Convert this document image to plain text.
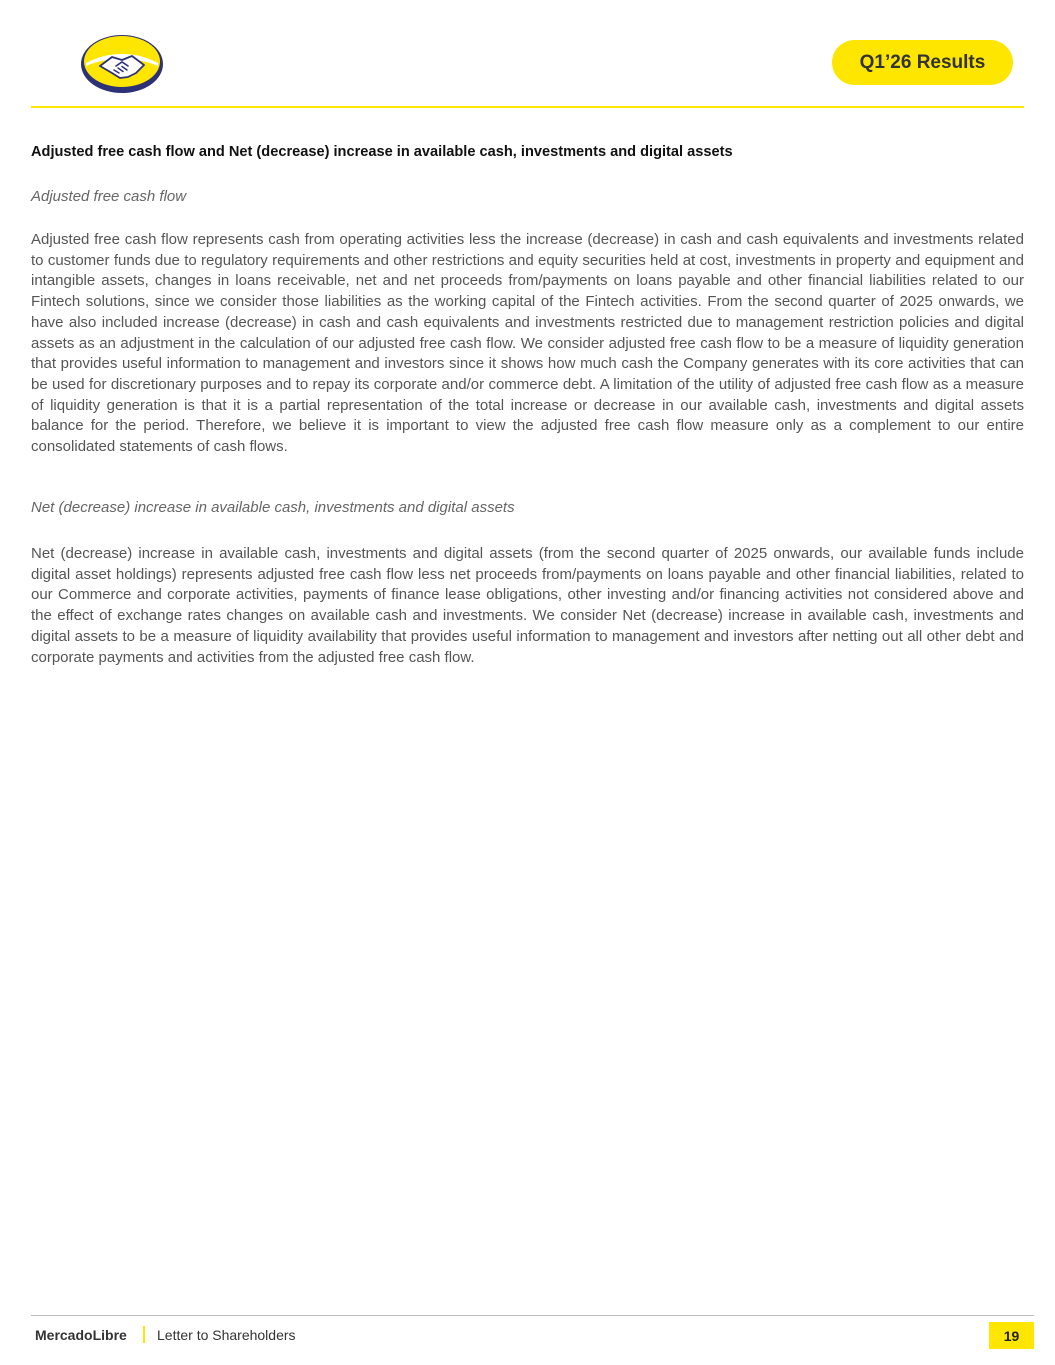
Q1’26 Results
Adjusted free cash flow and Net (decrease) increase in available cash, investments and digital assets
Adjusted free cash flow

Adjusted free cash flow represents cash from operating activities less the increase (decrease) in cash and cash equivalents and investments related to customer funds due to regulatory requirements and other restrictions and equity securities held at cost, investments in property and equipment and intangible assets, changes in loans receivable, net and net proceeds from/payments on loans payable and other financial liabilities related to our Fintech solutions, since we consider those liabilities as the working capital of the Fintech activities. From the second quarter of 2025 onwards, we have also included increase (decrease) in cash and cash equivalents and investments restricted due to management restriction policies and digital assets as an adjustment in the calculation of our adjusted free cash flow. We consider adjusted free cash flow to be a measure of liquidity generation that provides useful information to management and investors since it shows how much cash the Company generates with its core activities that can be used for discretionary purposes and to repay its corporate and/or commerce debt. A limitation of the utility of adjusted free cash flow as a measure of liquidity generation is that it is a partial representation of the total increase or decrease in our available cash, investments and digital assets balance for the period. Therefore, we believe it is important to view the adjusted free cash flow measure only as a complement to our entire consolidated statements of cash flows.

Net (decrease) increase in available cash, investments and digital assets

Net (decrease) increase in available cash, investments and digital assets (from the second quarter of 2025 onwards, our available funds include digital asset holdings) represents adjusted free cash flow less net proceeds from/payments on loans payable and other financial liabilities, related to our Commerce and corporate activities, payments of finance lease obligations, other investing and/or financing activities not considered above and the effect of exchange rates changes on available cash and investments. We consider Net (decrease) increase in available cash, investments and digital assets to be a measure of liquidity availability that provides useful information to management and investors after netting out all other debt and corporate payments and activities from the adjusted free cash flow.

MercadoLibre Letter to Shareholders	19
